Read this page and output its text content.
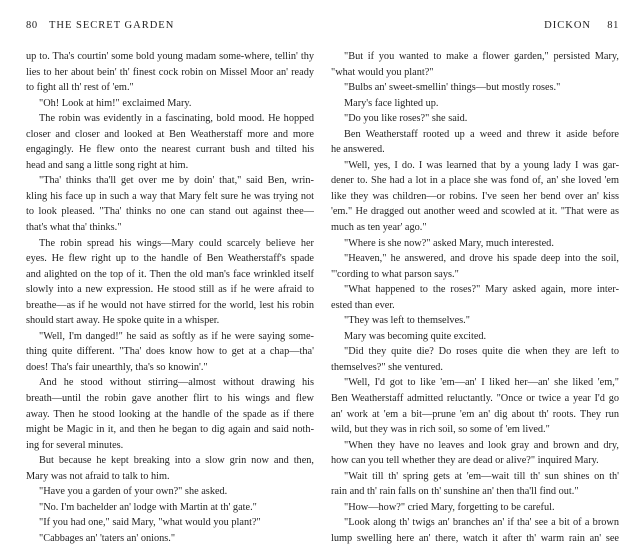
80 THE SECRET GARDEN
up to. Tha's courtin' some bold young madam some-where, tellin' thy
lies to her about bein' th' finest cock robin on Missel Moor an' ready
to fight all th' rest of 'em."
"Oh! Look at him!" exclaimed Mary.
The robin was evidently in a fascinating, bold mood. He hopped
closer and closer and looked at Ben Weatherstaff more and more
engagingly. He flew onto the nearest currant bush and tilted his
head and sang a little song right at him.
"Tha' thinks tha'll get over me by doin' that," said Ben, wrin-
kling his face up in such a way that Mary felt sure he was trying not
to look pleased. "Tha' thinks no one can stand out against thee—
that's what tha' thinks."
The robin spread his wings—Mary could scarcely believe her
eyes. He flew right up to the handle of Ben Weatherstaff's spade
and alighted on the top of it. Then the old man's face wrinkled itself
slowly into a new expression. He stood still as if he were afraid to
breathe—as if he would not have stirred for the world, lest his robin
should start away. He spoke quite in a whisper.
"Well, I'm danged!" he said as softly as if he were saying some-
thing quite different. "Tha' does know how to get at a chap—tha'
does! Tha's fair unearthly, tha's so knowin'."
And he stood without stirring—almost without drawing his
breath—until the robin gave another flirt to his wings and flew
away. Then he stood looking at the handle of the spade as if there
might be Magic in it, and then he began to dig again and said noth-
ing for several minutes.
But because he kept breaking into a slow grin now and then,
Mary was not afraid to talk to him.
"Have you a garden of your own?" she asked.
"No. I'm bachelder an' lodge with Martin at th' gate."
"If you had one," said Mary, "what would you plant?"
"Cabbages an' 'taters an' onions."
DICKON 81
"But if you wanted to make a flower garden," persisted Mary,
"what would you plant?"
"Bulbs an' sweet-smellin' things—but mostly roses."
Mary's face lighted up.
"Do you like roses?" she said.
Ben Weatherstaff rooted up a weed and threw it aside before
he answered.
"Well, yes, I do. I was learned that by a young lady I was gar-
dener to. She had a lot in a place she was fond of, an' she loved 'em
like they was children—or robins. I've seen her bend over an' kiss
'em." He dragged out another weed and scowled at it. "That were as
much as ten year' ago."
"Where is she now?" asked Mary, much interested.
"Heaven," he answered, and drove his spade deep into the soil,
"'cording to what parson says."
"What happened to the roses?" Mary asked again, more inter-
ested than ever.
"They was left to themselves."
Mary was becoming quite excited.
"Did they quite die? Do roses quite die when they are left to
themselves?" she ventured.
"Well, I'd got to like 'em—an' I liked her—an' she liked 'em,"
Ben Weatherstaff admitted reluctantly. "Once or twice a year I'd go
an' work at 'em a bit—prune 'em an' dig about th' roots. They run
wild, but they was in rich soil, so some of 'em lived."
"When they have no leaves and look gray and brown and dry,
how can you tell whether they are dead or alive?" inquired Mary.
"Wait till th' spring gets at 'em—wait till th' sun shines on th'
rain and th' rain falls on th' sunshine an' then tha'll find out."
"How—how?" cried Mary, forgetting to be careful.
"Look along th' twigs an' branches an' if tha' see a bit of a brown
lump swelling here an' there, watch it after th' warm rain an' see
